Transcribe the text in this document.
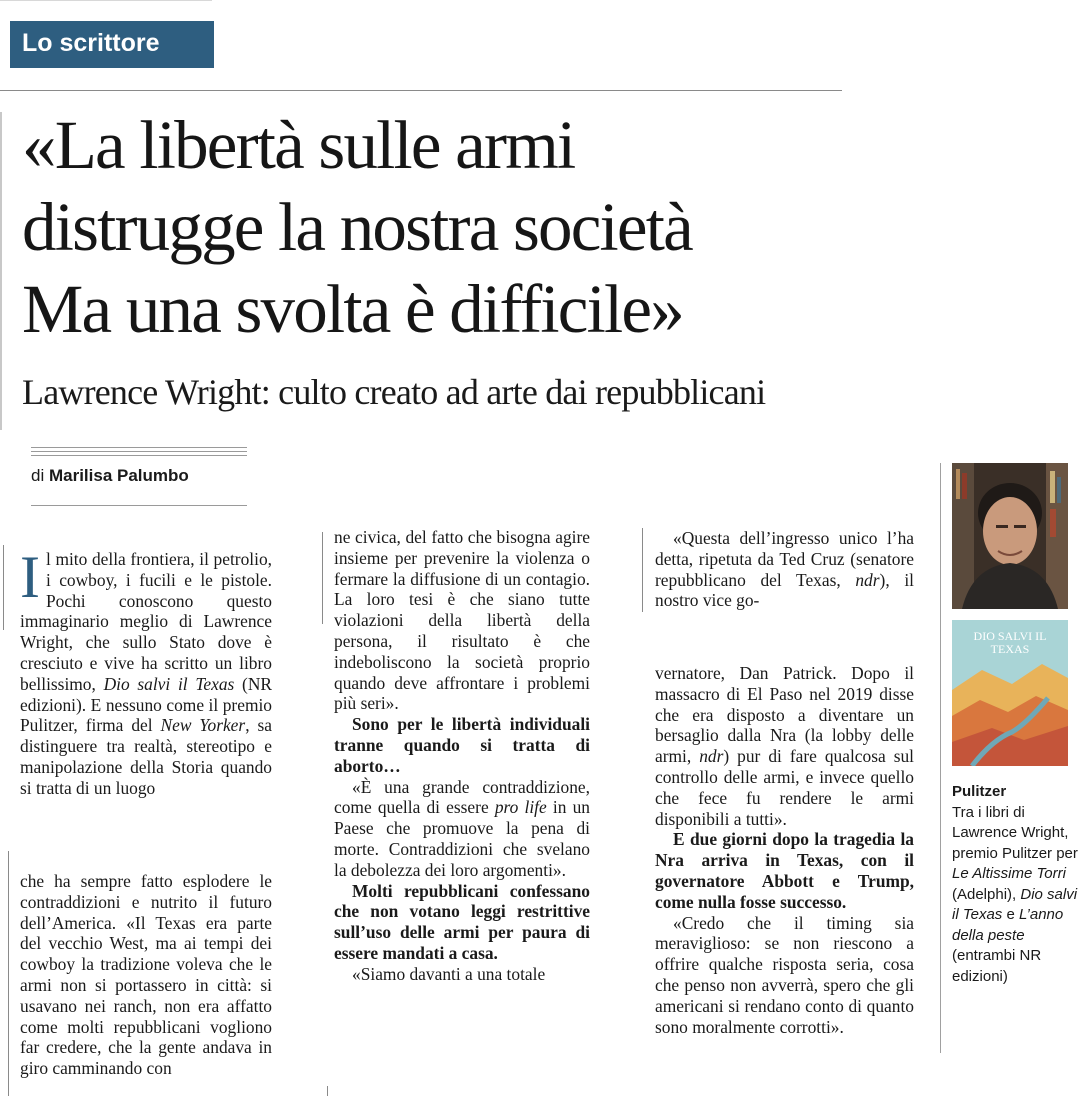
Lo scrittore
«La libertà sulle armi
distrugge la nostra società
Ma una svolta è difficile»
Lawrence Wright: culto creato ad arte dai repubblicani
di Marilisa Palumbo

Il mito della frontiera, il petrolio, i cowboy, i fucili e le pistole. Pochi conoscono questo immaginario meglio di Lawrence Wright, che sullo Stato dove è cresciuto e vive ha scritto un libro bellissimo, Dio salvi il Texas (NR edizioni). E nessuno come il premio Pulitzer, firma del New Yorker, sa distinguere tra realtà, stereotipo e manipolazione della Storia quando si tratta di un luogo

che ha sempre fatto esplodere le contraddizioni e nutrito il futuro dell’America. «Il Texas era parte del vecchio West, ma ai tempi dei cowboy la tradizione voleva che le armi non si portassero in città: si usavano nei ranch, non era affatto come molti repubblicani vogliono far credere, che la gente andava in giro camminando con

ne civica, del fatto che bisogna agire insieme per prevenire la violenza o fermare la diffusione di un contagio. La loro tesi è che siano tutte violazioni della libertà della persona, il risultato è che indeboliscono la società proprio quando deve affrontare i problemi più seri».

Sono per le libertà individuali tranne quando si tratta di aborto…

«È una grande contraddizione, come quella di essere pro life in un Paese che promuove la pena di morte. Contraddizioni che svelano la debolezza dei loro argomenti».

Molti repubblicani confessano che non votano leggi restrittive sull’uso delle armi per paura di essere mandati a casa.

«Siamo davanti a una totale

«Questa dell’ingresso unico l’ha detta, ripetuta da Ted Cruz (senatore repubblicano del Texas, ndr), il nostro vice go-

vernatore, Dan Patrick. Dopo il massacro di El Paso nel 2019 disse che era disposto a diventare un bersaglio dalla Nra (la lobby delle armi, ndr) pur di fare qualcosa sul controllo delle armi, e invece quello che fece fu rendere le armi disponibili a tutti».

E due giorni dopo la tragedia la Nra arriva in Texas, con il governatore Abbott e Trump, come nulla fosse successo.

«Credo che il timing sia meraviglioso: se non riescono a offrire qualche risposta seria, cosa che penso non avverrà, spero che gli americani si rendano conto di quanto sono moralmente corrotti».

DIO SALVI IL
TEXAS
Pulitzer
Tra i libri di Lawrence Wright, premio Pulitzer per Le Altissime Torri (Adelphi), Dio salvi il Texas e L’anno della peste (entrambi NR edizioni)
